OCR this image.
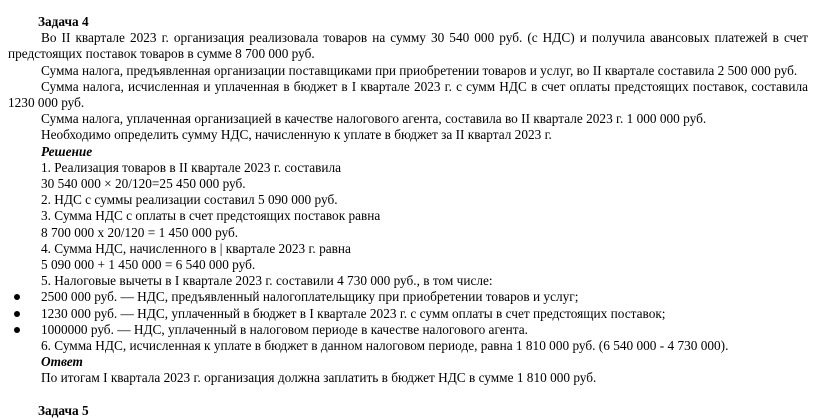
Задача 4

Во II квартале 2023 г. организация реализовала товаров на сумму 30 540 000 руб. (с НДС) и получила авансовых платежей в счет предстоящих поставок товаров в сумме 8 700 000 руб.

Сумма налога, предъявленная организации поставщиками при приобретении товаров и услуг, во II квартале составила 2 500 000 руб.

Сумма налога, исчисленная и уплаченная в бюджет в I квартале 2023 г. с сумм НДС в счет оплаты предстоящих поставок, составила 1230 000 руб.

Сумма налога, уплаченная организацией в качестве налогового агента, составила во II квартале 2023 г. 1 000 000 руб.

Необходимо определить сумму НДС, начисленную к уплате в бюджет за II квартал 2023 г.

Решение
1. Реализация товаров в II квартале 2023 г. составила
30 540 000 × 20/120=25 450 000 руб.
2. НДС с суммы реализации составил 5 090 000 руб.
3. Сумма НДС с оплаты в счет предстоящих поставок равна
8 700 000 х 20/120 = 1 450 000 руб.
4. Сумма НДС, начисленного в | квартале 2023 г. равна
5 090 000 + 1 450 000 = 6 540 000 руб.
5. Налоговые вычеты в I квартале 2023 г. составили 4 730 000 руб., в том числе:
2500 000 руб. — НДС, предъявленный налогоплательщику при приобретении товаров и услуг;
1230 000 руб. — НДС, уплаченный в бюджет в I квартале 2023 г. с сумм оплаты в счет предстоящих поставок;
1000000 руб. — НДС, уплаченный в налоговом периоде в качестве налогового агента.
6. Сумма НДС, исчисленная к уплате в бюджет в данном налоговом периоде, равна 1 810 000 руб. (6 540 000 - 4 730 000).
Ответ
По итогам I квартала 2023 г. организация должна заплатить в бюджет НДС в сумме 1 810 000 руб.
Задача 5
